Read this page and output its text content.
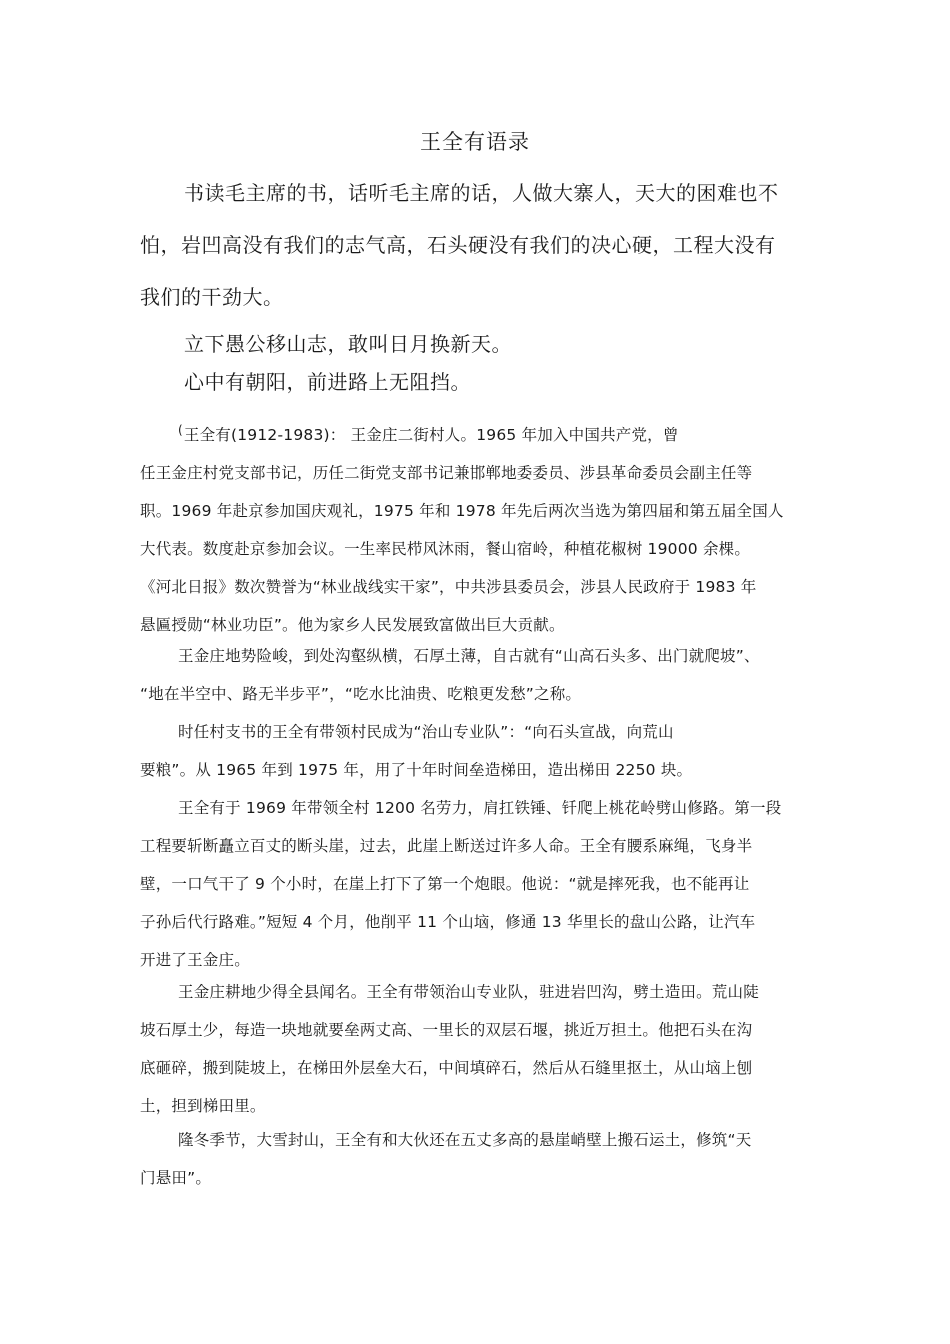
王全有语录
书读毛主席的书，话听毛主席的话，人做大寨人，天大的困难也不
怕，岩凹高没有我们的志气高，石头硬没有我们的决心硬，工程大没有
我们的干劲大。
立下愚公移山志，敢叫日月换新天。
心中有朝阳，前进路上无阻挡。
(王全有(1912-1983)： 王金庄二街村人。1965 年加入中国共产党，曾
任王金庄村党支部书记，历任二街党支部书记兼邯郸地委委员、涉县革命委员会副主任等
职。1969 年赴京参加国庆观礼，1975 年和 1978 年先后两次当选为第四届和第五届全国人
大代表。数度赴京参加会议。一生率民栉风沐雨，餐山宿岭，种植花椒树 19000 余棵。
《河北日报》数次赞誉为“林业战线实干家”，中共涉县委员会，涉县人民政府于 1983 年
悬匾授勋“林业功臣”。他为家乡人民发展致富做出巨大贡献。
王金庄地势险峻，到处沟壑纵横，石厚土薄，自古就有“山高石头多、出门就爬坡”、
“地在半空中、路无半步平”，“吃水比油贵、吃粮更发愁”之称。
时任村支书的王全有带领村民成为“治山专业队”：“向石头宣战，向荒山
要粮”。从 1965 年到 1975 年，用了十年时间垒造梯田，造出梯田 2250 块。
王全有于 1969 年带领全村 1200 名劳力，肩扛铁锤、钎爬上桃花岭劈山修路。第一段
工程要斩断矗立百丈的断头崖，过去，此崖上断送过许多人命。王全有腰系麻绳，飞身半
壁，一口气干了 9 个小时，在崖上打下了第一个炮眼。他说：“就是摔死我，也不能再让
子孙后代行路难。”短短 4 个月，他削平 11 个山垴，修通 13 华里长的盘山公路，让汽车
开进了王金庄。
王金庄耕地少得全县闻名。王全有带领治山专业队，驻进岩凹沟，劈土造田。荒山陡
坡石厚土少，每造一块地就要垒两丈高、一里长的双层石堰，挑近万担土。他把石头在沟
底砸碎，搬到陡坡上，在梯田外层垒大石，中间填碎石，然后从石缝里抠土，从山垴上刨
土，担到梯田里。
隆冬季节，大雪封山，王全有和大伙还在五丈多高的悬崖峭壁上搬石运土，修筑“天
门悬田”。
